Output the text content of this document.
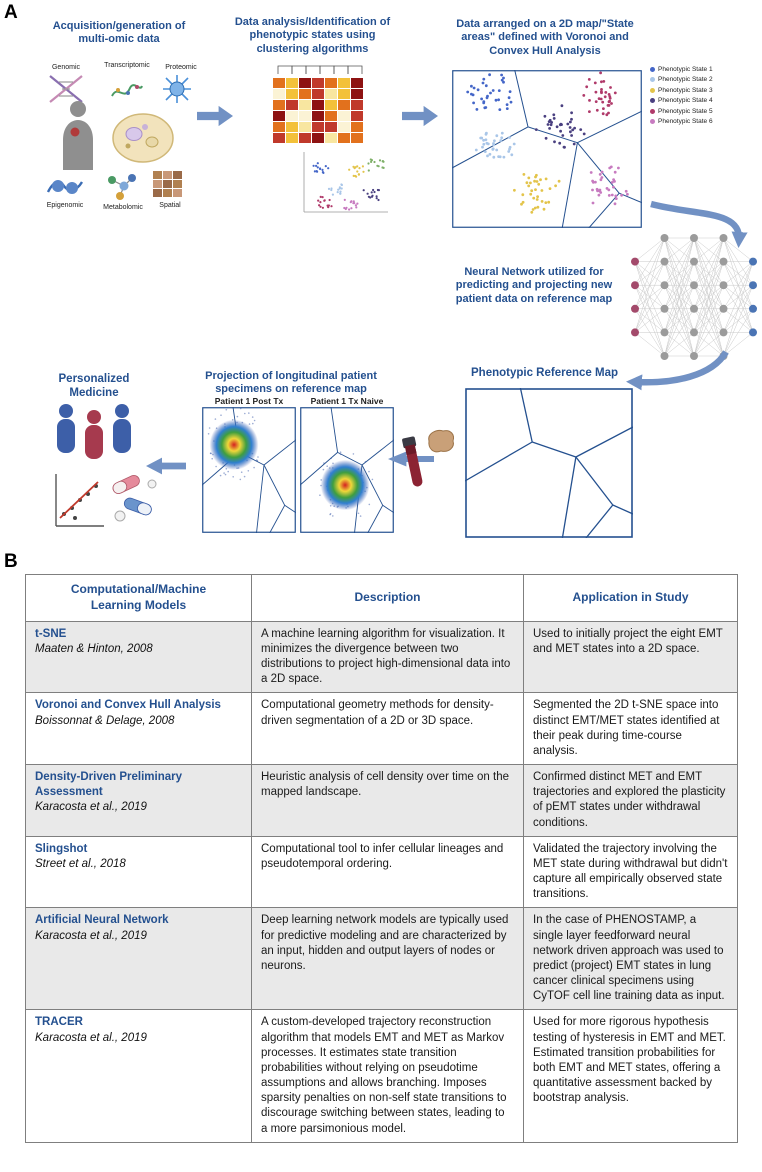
A
Acquisition/generation of multi-omic data
Genomic	Transcriptomic	Proteomic
Epigenomic	Metabolomic	Spatial
Data analysis/Identification of phenotypic states using clustering algorithms
Data arranged on a 2D map/"State areas" defined with Voronoi and Convex Hull Analysis
Phenotypic State 1
Phenotypic State 2
Phenotypic State 3
Phenotypic State 4
Phenotypic State 5
Phenotypic State 6
Neural Network utilized for predicting and projecting new patient data on reference map
Phenotypic Reference Map
Projection of longitudinal patient specimens on reference map
Patient 1 Post Tx	Patient 1 Tx Naive
Personalized Medicine
B
Computational/Machine Learning Models	Description	Application in Study

t-SNE
Maaten & Hinton, 2008	A machine learning algorithm for visualization. It minimizes the divergence between two distributions to project high-dimensional data into a 2D space.	Used to initially project the eight EMT and MET states into a 2D space.

Voronoi and Convex Hull Analysis
Boissonnat & Delage, 2008	Computational geometry methods for density-driven segmentation of a 2D or 3D space.	Segmented the 2D t-SNE space into distinct EMT/MET states identified at their peak during time-course analysis.

Density-Driven Preliminary Assessment
Karacosta et al., 2019	Heuristic analysis of cell density over time on the mapped landscape.	Confirmed distinct MET and EMT trajectories and explored the plasticity of pEMT states under withdrawal conditions.

Slingshot
Street et al., 2018	Computational tool to infer cellular lineages and pseudotemporal ordering.	Validated the trajectory involving the MET state during withdrawal but didn't capture all empirically observed state transitions.

Artificial Neural Network
Karacosta et al., 2019	Deep learning network models are typically used for predictive modeling and are characterized by an input, hidden and output layers of nodes or neurons.	In the case of PHENOSTAMP, a single layer feedforward neural network driven approach was used to predict (project) EMT states in lung cancer clinical specimens using CyTOF cell line training data as input.

TRACER
Karacosta et al., 2019	A custom-developed trajectory reconstruction algorithm that models EMT and MET as Markov processes. It estimates state transition probabilities without relying on pseudotime assumptions and allows branching. Imposes sparsity penalties on non-self state transitions to discourage switching between states, leading to a more parsimonious model.	Used for more rigorous hypothesis testing of hysteresis in EMT and MET. Estimated transition probabilities for both EMT and MET states, offering a quantitative assessment backed by bootstrap analysis.
